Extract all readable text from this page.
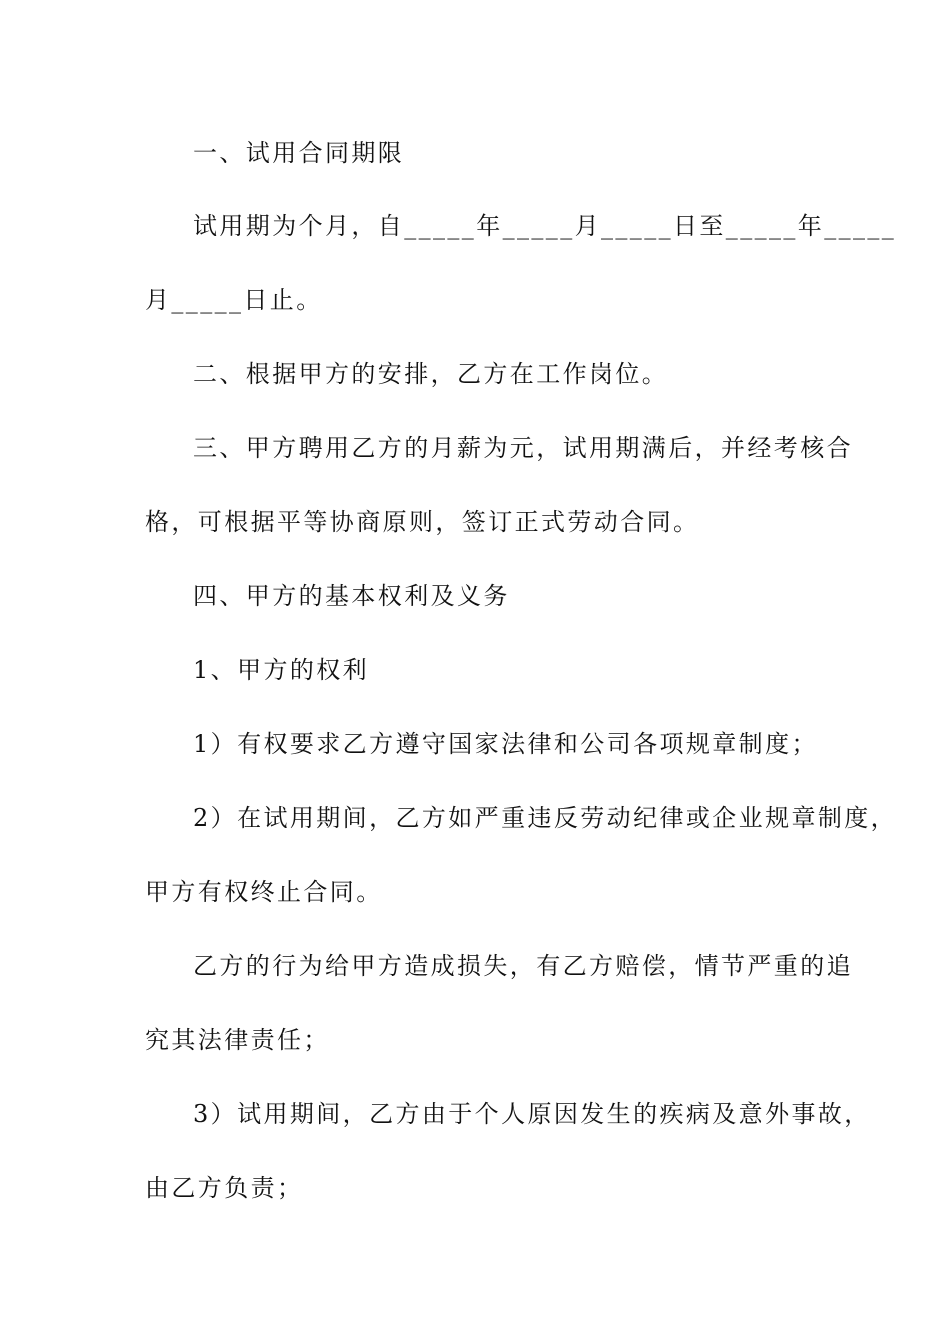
一、试用合同期限

试用期为个月，自_____年_____月_____日至_____年_____

月_____日止。

二、根据甲方的安排，乙方在工作岗位。

三、甲方聘用乙方的月薪为元，试用期满后，并经考核合

格，可根据平等协商原则，签订正式劳动合同。

四、甲方的基本权利及义务

1、甲方的权利

1）有权要求乙方遵守国家法律和公司各项规章制度；

2）在试用期间，乙方如严重违反劳动纪律或企业规章制度，

甲方有权终止合同。

乙方的行为给甲方造成损失，有乙方赔偿，情节严重的追

究其法律责任；

3）试用期间，乙方由于个人原因发生的疾病及意外事故，

由乙方负责；
